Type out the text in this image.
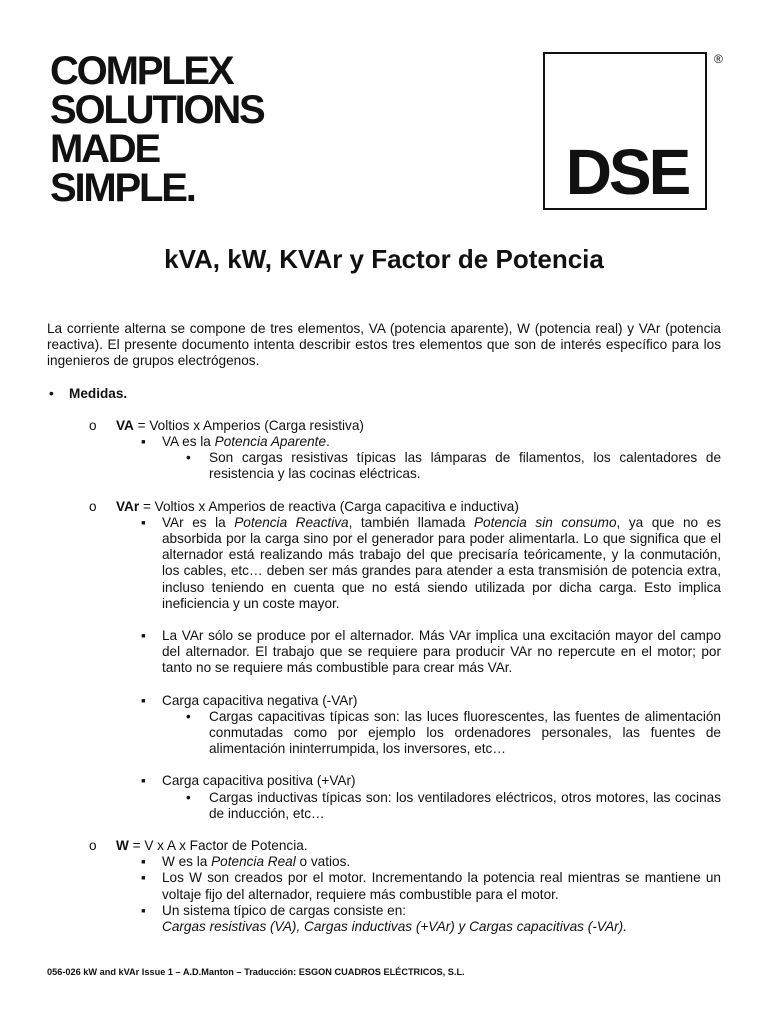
COMPLEX
SOLUTIONS
MADE
SIMPLE.	DSE
®
kVA, kW, KVAr y Factor de Potencia
La corriente alterna se compone de tres elementos, VA (potencia aparente), W (potencia real) y VAr (potencia reactiva). El presente documento intenta describir estos tres elementos que son de interés específico para los ingenieros de grupos electrógenos.
• Medidas.
o VA = Voltios x Amperios (Carga resistiva)
▪ VA es la Potencia Aparente.
• Son cargas resistivas típicas las lámparas de filamentos, los calentadores de resistencia y las cocinas eléctricas.
o VAr = Voltios x Amperios de reactiva (Carga capacitiva e inductiva)
▪ VAr es la Potencia Reactiva, también llamada Potencia sin consumo, ya que no es absorbida por la carga sino por el generador para poder alimentarla. Lo que significa que el alternador está realizando más trabajo del que precisaría teóricamente, y la conmutación, los cables, etc… deben ser más grandes para atender a esta transmisión de potencia extra, incluso teniendo en cuenta que no está siendo utilizada por dicha carga. Esto implica ineficiencia y un coste mayor.
▪ La VAr sólo se produce por el alternador. Más VAr implica una excitación mayor del campo del alternador. El trabajo que se requiere para producir VAr no repercute en el motor; por tanto no se requiere más combustible para crear más VAr.
▪ Carga capacitiva negativa (-VAr)
• Cargas capacitivas típicas son: las luces fluorescentes, las fuentes de alimentación conmutadas como por ejemplo los ordenadores personales, las fuentes de alimentación ininterrumpida, los inversores, etc…
▪ Carga capacitiva positiva (+VAr)
• Cargas inductivas típicas son: los ventiladores eléctricos, otros motores, las cocinas de inducción, etc…
o W = V x A x Factor de Potencia.
▪ W es la Potencia Real o vatios.
▪ Los W son creados por el motor. Incrementando la potencia real mientras se mantiene un voltaje fijo del alternador, requiere más combustible para el motor.
▪ Un sistema típico de cargas consiste en:
Cargas resistivas (VA), Cargas inductivas (+VAr) y Cargas capacitivas (-VAr).
056-026 kW and kVAr Issue 1 – A.D.Manton – Traducción: ESGON CUADROS ELÉCTRICOS, S.L.
